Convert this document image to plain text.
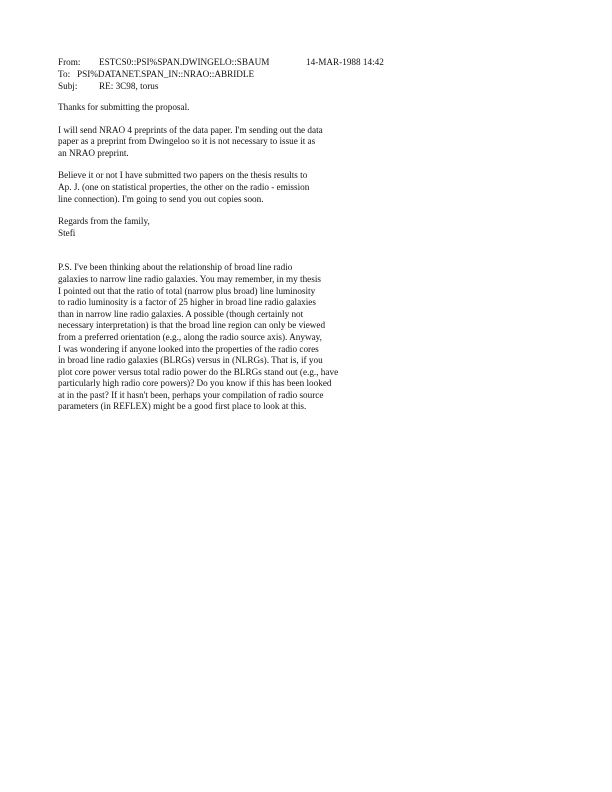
From: ESTCS0::PSI%SPAN.DWINGELO::SBAUM	14-MAR-1988 14:42
To: PSI%DATANET.SPAN_IN::NRAO::ABRIDLE
Subj: RE: 3C98, torus
Thanks for submitting the proposal.
I will send NRAO 4 preprints of the data paper. I'm sending out the data
paper as a preprint from Dwingeloo so it is not necessary to issue it as
an NRAO preprint.
Believe it or not I have submitted two papers on the thesis results to
Ap. J. (one on statistical properties, the other on the radio - emission
line connection). I'm going to send you out copies soon.
Regards from the family,
Stefi
P.S. I've been thinking about the relationship of broad line radio
galaxies to narrow line radio galaxies. You may remember, in my thesis
I pointed out that the ratio of total (narrow plus broad) line luminosity
to radio luminosity is a factor of 25 higher in broad line radio galaxies
than in narrow line radio galaxies. A possible (though certainly not
necessary interpretation) is that the broad line region can only be viewed
from a preferred orientation (e.g., along the radio source axis). Anyway,
I was wondering if anyone looked into the properties of the radio cores
in broad line radio galaxies (BLRGs) versus in (NLRGs). That is, if you
plot core power versus total radio power do the BLRGs stand out (e.g., have
particularly high radio core powers)? Do you know if this has been looked
at in the past? If it hasn't been, perhaps your compilation of radio source
parameters (in REFLEX) might be a good first place to look at this.
